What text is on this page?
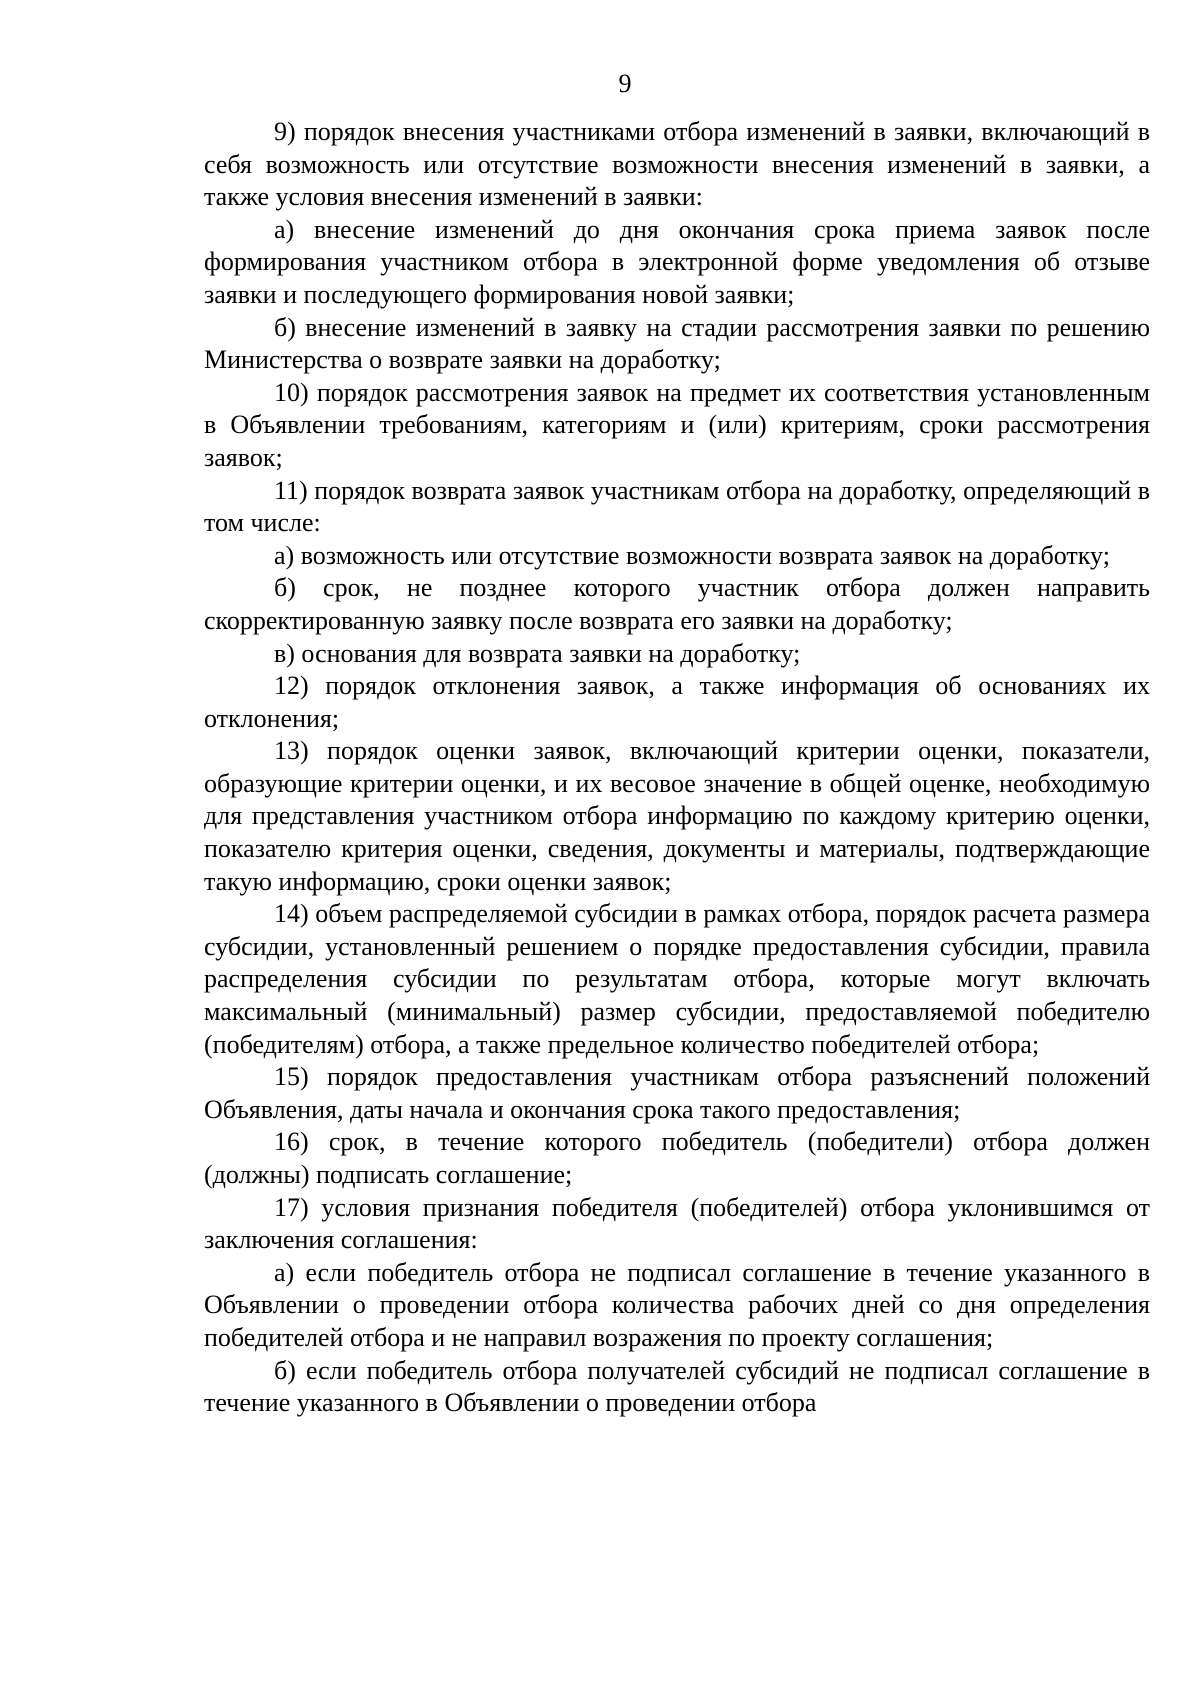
9

9) порядок внесения участниками отбора изменений в заявки, включающий в себя возможность или отсутствие возможности внесения изменений в заявки, а также условия внесения изменений в заявки:

а) внесение изменений до дня окончания срока приема заявок после формирования участником отбора в электронной форме уведомления об отзыве заявки и последующего формирования новой заявки;

б) внесение изменений в заявку на стадии рассмотрения заявки по решению Министерства о возврате заявки на доработку;

10) порядок рассмотрения заявок на предмет их соответствия установленным в Объявлении требованиям, категориям и (или) критериям, сроки рассмотрения заявок;

11) порядок возврата заявок участникам отбора на доработку, определяющий в том числе:

а) возможность или отсутствие возможности возврата заявок на доработку;

б) срок, не позднее которого участник отбора должен направить скорректированную заявку после возврата его заявки на доработку;

в) основания для возврата заявки на доработку;

12) порядок отклонения заявок, а также информация об основаниях их отклонения;

13) порядок оценки заявок, включающий критерии оценки, показатели, образующие критерии оценки, и их весовое значение в общей оценке, необходимую для представления участником отбора информацию по каждому критерию оценки, показателю критерия оценки, сведения, документы и материалы, подтверждающие такую информацию, сроки оценки заявок;

14) объем распределяемой субсидии в рамках отбора, порядок расчета размера субсидии, установленный решением о порядке предоставления субсидии, правила распределения субсидии по результатам отбора, которые могут включать максимальный (минимальный) размер субсидии, предоставляемой победителю (победителям) отбора, а также предельное количество победителей отбора;

15) порядок предоставления участникам отбора разъяснений положений Объявления, даты начала и окончания срока такого предоставления;

16) срок, в течение которого победитель (победители) отбора должен (должны) подписать соглашение;

17) условия признания победителя (победителей) отбора уклонившимся от заключения соглашения:

а) если победитель отбора не подписал соглашение в течение указанного в Объявлении о проведении отбора количества рабочих дней со дня определения победителей отбора и не направил возражения по проекту соглашения;

б) если победитель отбора получателей субсидий не подписал соглашение в течение указанного в Объявлении о проведении отбора
